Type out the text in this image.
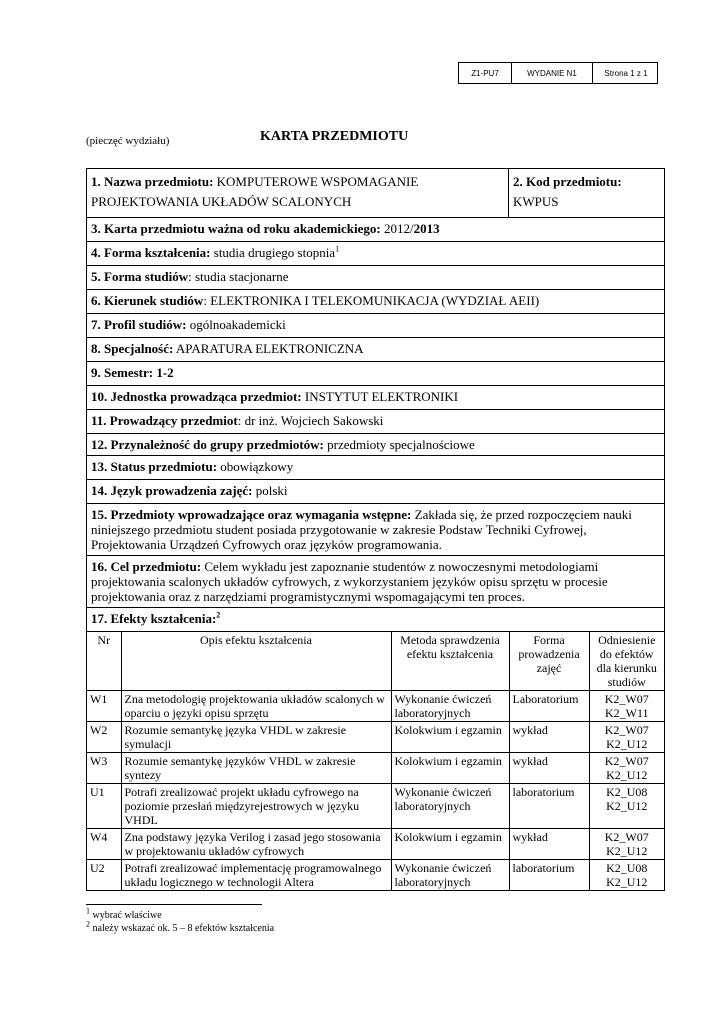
Z1-PU7	WYDANIE N1	Strona 1 z 1
(pieczęć wydziału)	KARTA PRZEDMIOTU
1. Nazwa przedmiotu: KOMPUTEROWE WSPOMAGANIE
PROJEKTOWANIA UKŁADÓW SCALONYCH
2. Kod przedmiotu:
KWPUS
3. Karta przedmiotu ważna od roku akademickiego: 2012/2013
4. Forma kształcenia: studia drugiego stopnia$^1$
5. Forma studiów: studia stacjonarne
6. Kierunek studiów: ELEKTRONIKA I TELEKOMUNIKACJA (WYDZIAŁ AEII)
7. Profil studiów: ogólnoakademicki
8. Specjalność: APARATURA ELEKTRONICZNA
9. Semestr: 1-2
10. Jednostka prowadząca przedmiot: INSTYTUT ELEKTRONIKI
11. Prowadzący przedmiot: dr inż. Wojciech Sakowski
12. Przynależność do grupy przedmiotów: przedmioty specjalnościowe
13. Status przedmiotu: obowiązkowy
14. Język prowadzenia zajęć: polski
15. Przedmioty wprowadzające oraz wymagania wstępne: Zakłada się, że przed rozpoczęciem nauki niniejszego przedmiotu student posiada przygotowanie w zakresie Podstaw Techniki Cyfrowej, Projektowania Urządzeń Cyfrowych oraz języków programowania.
16. Cel przedmiotu: Celem wykładu jest zapoznanie studentów z nowoczesnymi metodologiami projektowania scalonych układów cyfrowych, z wykorzystaniem języków opisu sprzętu w procesie projektowania oraz z narzędziami programistycznymi wspomagającymi ten proces.
17. Efekty kształcenia:$^2$
Nr	Opis efektu kształcenia	Metoda sprawdzenia efektu kształcenia	Forma prowadzenia zajęć	Odniesienie do efektów dla kierunku studiów
W1	Zna metodologię projektowania układów scalonych w oparciu o języki opisu sprzętu	Wykonanie ćwiczeń laboratoryjnych	Laboratorium	K2_W07 K2_W11
W2	Rozumie semantykę języka VHDL w zakresie symulacji	Kolokwium i egzamin	wykład	K2_W07 K2_U12
W3	Rozumie semantykę języków VHDL w zakresie syntezy	Kolokwium i egzamin	wykład	K2_W07 K2_U12
U1	Potrafi zrealizować projekt układu cyfrowego na poziomie przesłań międzyrejestrowych w języku VHDL	Wykonanie ćwiczeń laboratoryjnych	laboratorium	K2_U08 K2_U12
W4	Zna podstawy języka Verilog i zasad jego stosowania w projektowaniu układów cyfrowych	Kolokwium i egzamin	wykład	K2_W07 K2_U12
U2	Potrafi zrealizować implementację programowalnego układu logicznego w technologii Altera	Wykonanie ćwiczeń laboratoryjnych	laboratorium	K2_U08 K2_U12
$^1$ wybrać właściwe
$^2$ należy wskazać ok. 5 – 8 efektów kształcenia
